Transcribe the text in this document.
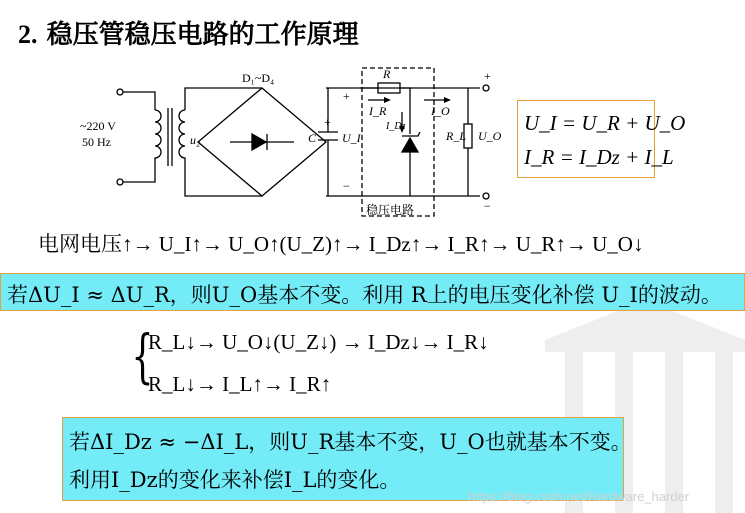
2. 稳压管稳压电路的工作原理
~220 V
50 Hz	u₂
D₁~D₄
C U_I
R
I_R
I_Dz
I_O
R_L U_O
+
+
−
+
−
稳压电路
U_I = U_R + U_O
I_R = I_Dz + I_L
电网电压↑→ U_I↑→ U_O↑(U_Z)↑→ I_Dz↑→ I_R↑→ U_R↑→ U_O↓
若ΔU_I ≈ ΔU_R，则U_O基本不变。利用 R上的电压变化补偿 U_I的波动。
{
R_L↓→ U_O↓(U_Z↓) → I_Dz↓→ I_R↓
R_L↓→ I_L↑→ I_R↑
若ΔI_Dz ≈ −ΔI_L，则U_R基本不变，U_O也就基本不变。
利用I_Dz的变化来补偿I_L的变化。
https://blog.csdn.net/Hardware_harder
